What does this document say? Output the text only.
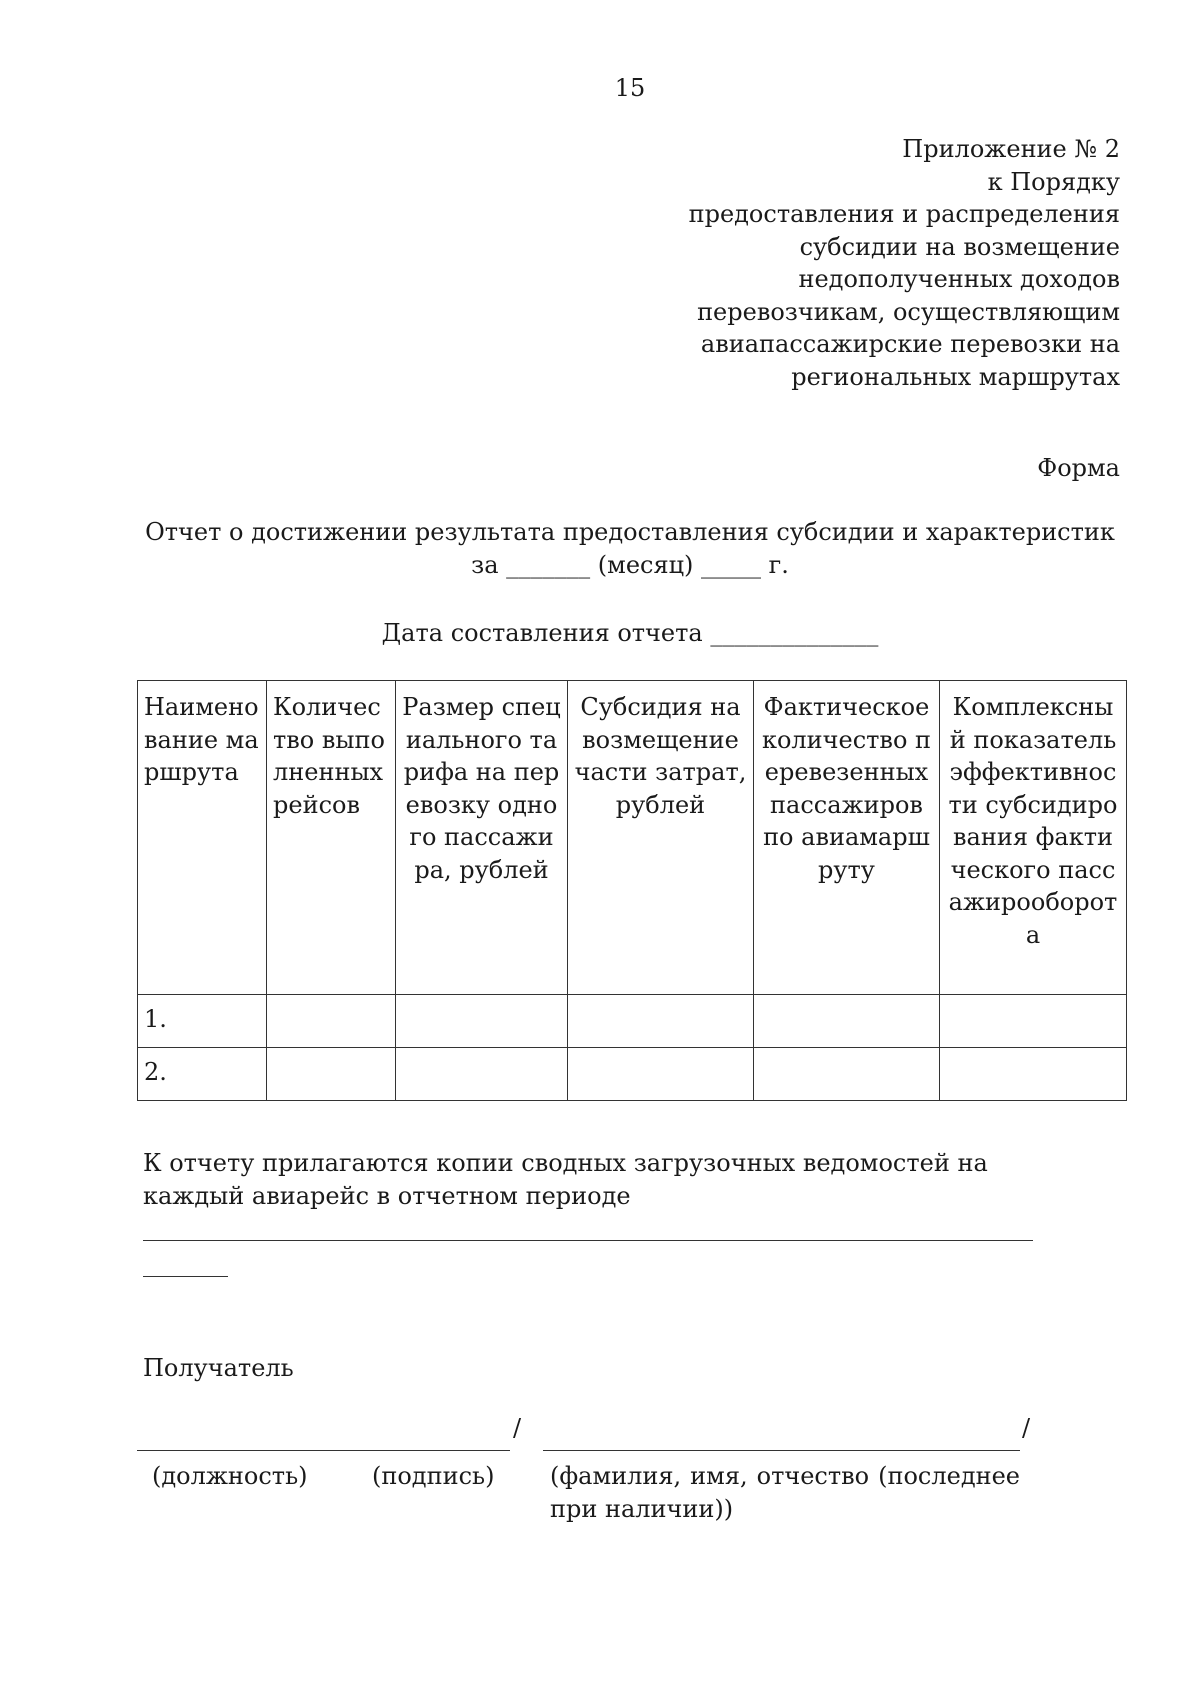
15
Приложение № 2
к Порядку
предоставления и распределения
субсидии на возмещение
недополученных доходов
перевозчикам, осуществляющим
авиапассажирские перевозки на
региональных маршрутах
Форма
Отчет о достижении результата предоставления субсидии и характеристик
за _______ (месяц) _____ г.
Дата составления отчета ______________
Наименование маршрута	Количество выполненных рейсов	Размер специального тарифа на перевозку одного пассажира, рублей	Субсидия на возмещение части затрат, рублей	Фактическое количество перевезенных пассажиров по авиамаршруту	Комплексный показатель эффективности субсидирования фактического пассажирооборота
1.					
2.					
К отчету прилагаются копии сводных загрузочных ведомостей на каждый авиарейс в отчетном периоде
Получатель
/	/
(должность)	(подпись) (фамилия, имя, отчество (последнее при наличии))
